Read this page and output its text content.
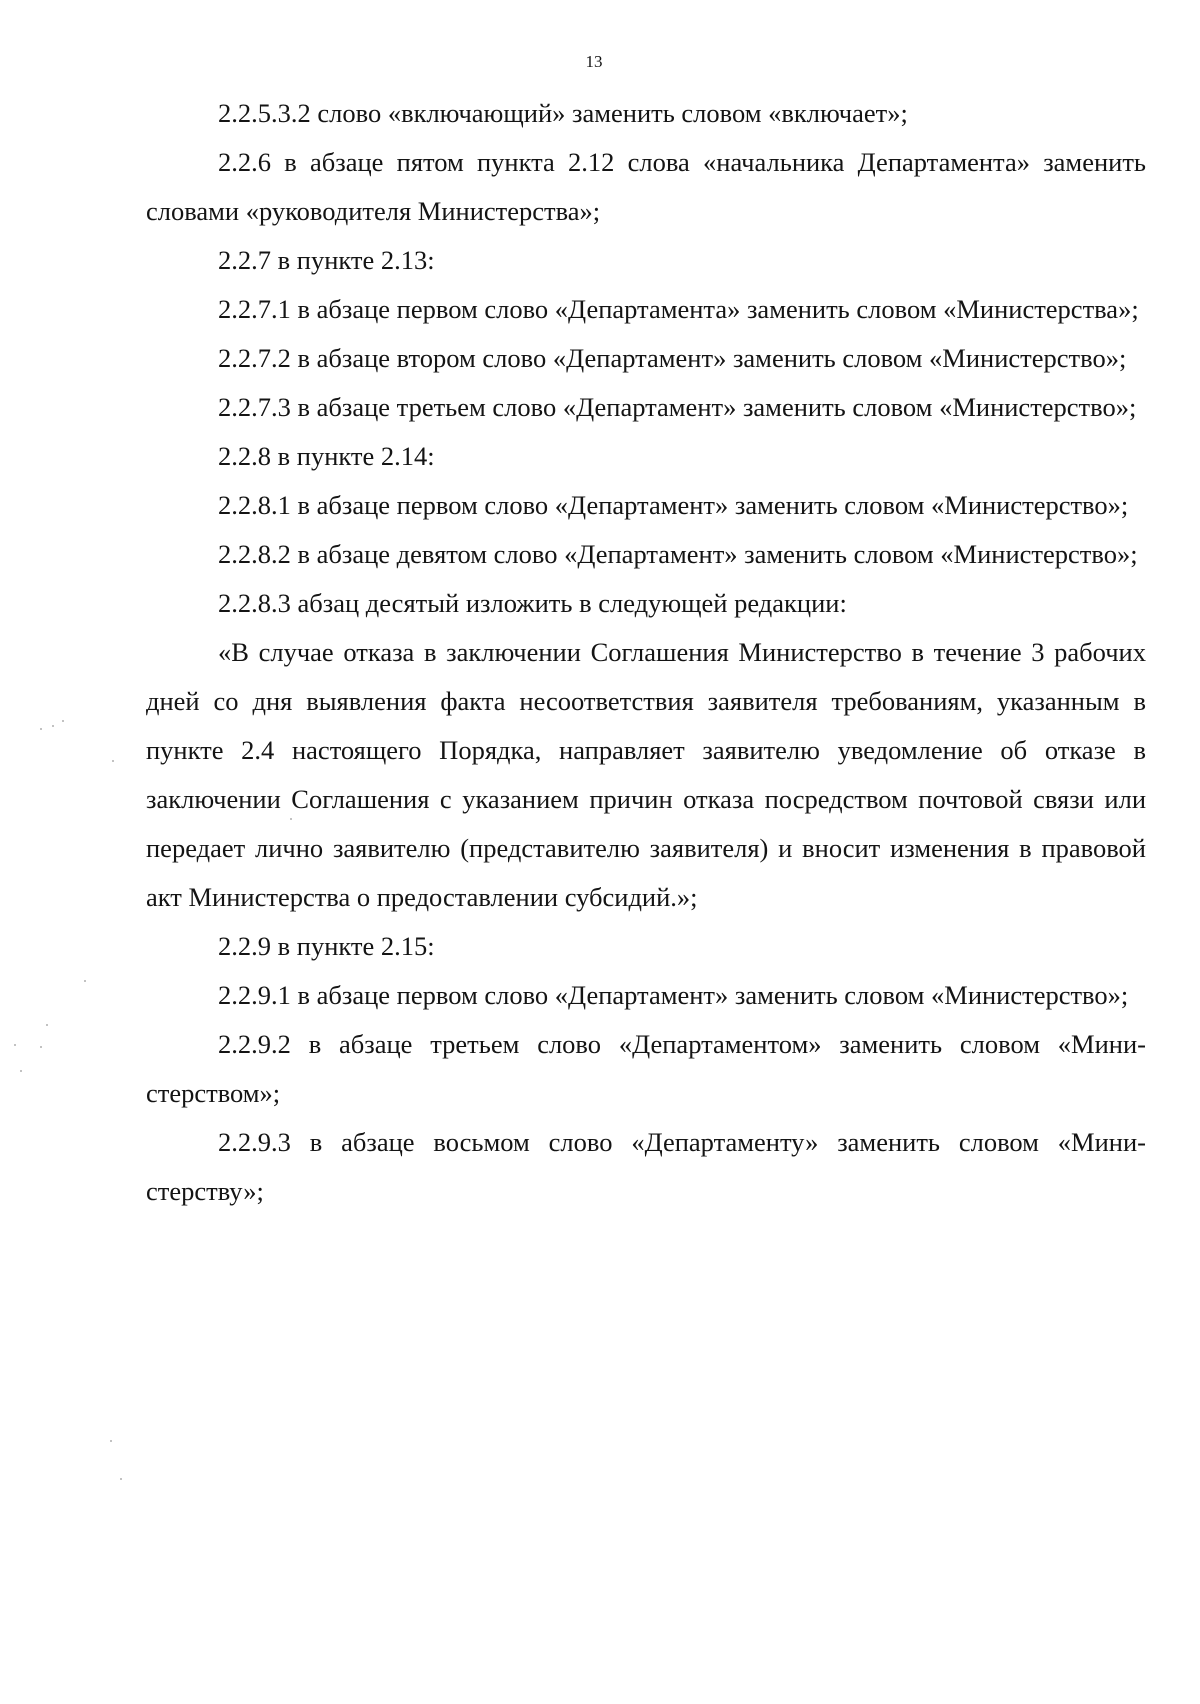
13

2.2.5.3.2 слово «включающий» заменить словом «включает»;

2.2.6 в абзаце пятом пункта 2.12 слова «начальника Департамента» заменить словами «руководителя Министерства»;

2.2.7 в пункте 2.13:

2.2.7.1 в абзаце первом слово «Департамента» заменить словом «Министерства»;

2.2.7.2 в абзаце втором слово «Департамент» заменить словом «Министерство»;

2.2.7.3 в абзаце третьем слово «Департамент» заменить словом «Министерство»;

2.2.8 в пункте 2.14:

2.2.8.1 в абзаце первом слово «Департамент» заменить словом «Министерство»;

2.2.8.2 в абзаце девятом слово «Департамент» заменить словом «Министерство»;

2.2.8.3 абзац десятый изложить в следующей редакции:

«В случае отказа в заключении Соглашения Министерство в течение 3 рабочих дней со дня выявления факта несоответствия заявителя требованиям, указанным в пункте 2.4 настоящего Порядка, направляет заявителю уведомление об отказе в заключении Соглашения с указанием причин отказа посредством почтовой связи или передает лично заявителю (представителю заявителя) и вносит изменения в правовой акт Министерства о предоставлении субсидий.»;

2.2.9 в пункте 2.15:

2.2.9.1 в абзаце первом слово «Департамент» заменить словом «Министерство»;

2.2.9.2 в абзаце третьем слово «Департаментом» заменить словом «Министерством»;

2.2.9.3 в абзаце восьмом слово «Департаменту» заменить словом «Министерству»;
